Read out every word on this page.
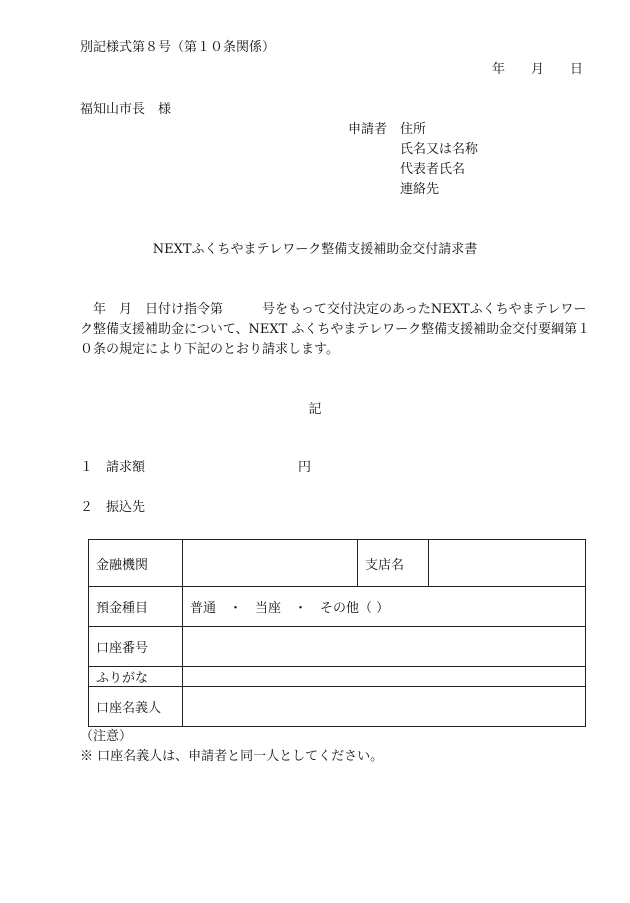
別記様式第８号（第１０条関係）
年　　月　　日
福知山市長　様
申請者 住所
氏名又は名称
代表者氏名
連絡先
NEXTふくちやまテレワーク整備支援補助金交付請求書
　年　月　日付け指令第　　　号をもって交付決定のあったNEXTふくちやまテレワー
ク整備支援補助金について、NEXT ふくちやまテレワーク整備支援補助金交付要綱第１
０条の規定により下記のとおり請求します。
記
１　請求額	円
２　振込先
金融機関		支店名	
預金種目	普通　・　当座　・　その他（ ）		
口座番号			
ふりがな			
口座名義人			
（注意）
※ 口座名義人は、申請者と同一人としてください。
